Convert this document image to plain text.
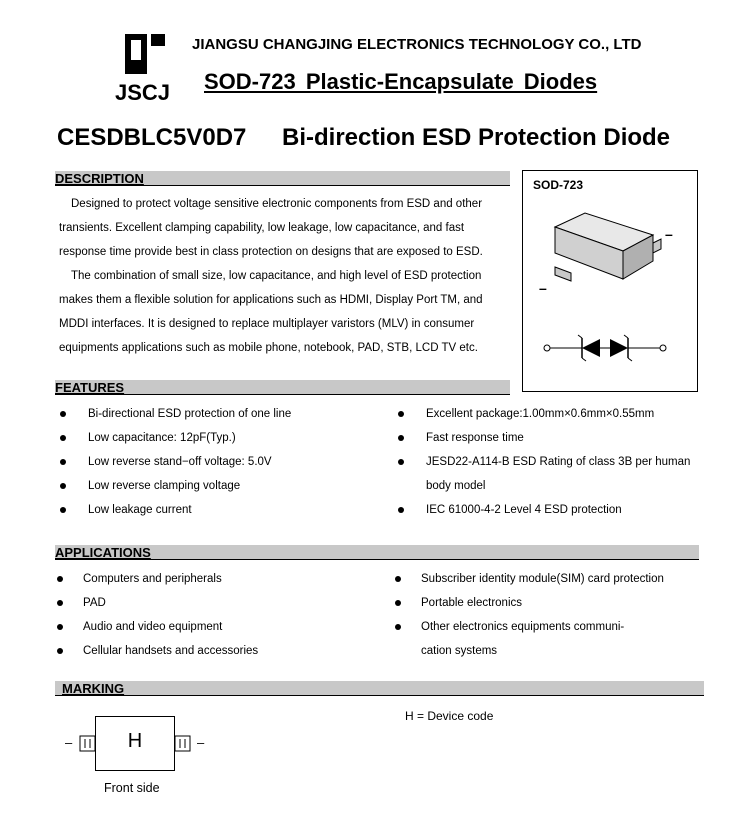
JSCJ
JIANGSU CHANGJING ELECTRONICS TECHNOLOGY CO., LTD
SOD-723 Plastic-Encapsulate Diodes
CESDBLC5V0D7 Bi-direction ESD Protection Diode
DESCRIPTION

Designed to protect voltage sensitive electronic components from ESD and other

transients. Excellent clamping capability, low leakage, low capacitance, and fast

response time provide best in class protection on designs that are exposed to ESD.

The combination of small size, low capacitance, and high level of ESD protection

makes them a flexible solution for applications such as HDMI, Display Port TM, and

MDDI interfaces. It is designed to replace multiplayer varistors (MLV) in consumer

equipments applications such as mobile phone, notebook, PAD, STB, LCD TV etc.

SOD-723
–
–
FEATURES
Bi-directional ESD protection of one line
Low capacitance: 12pF(Typ.)
Low reverse stand−off voltage: 5.0V
Low reverse clamping voltage
Low leakage current
Excellent package:1.00mm×0.6mm×0.55mm
Fast response time
JESD22-A114-B ESD Rating of class 3B per human
body model
IEC 61000-4-2 Level 4 ESD protection
APPLICATIONS
Computers and peripherals
PAD
Audio and video equipment
Cellular handsets and accessories
Subscriber identity module(SIM) card protection
Portable electronics
Other electronics equipments communi-
cation systems
MARKING
H
–	–
Front side
H = Device code
